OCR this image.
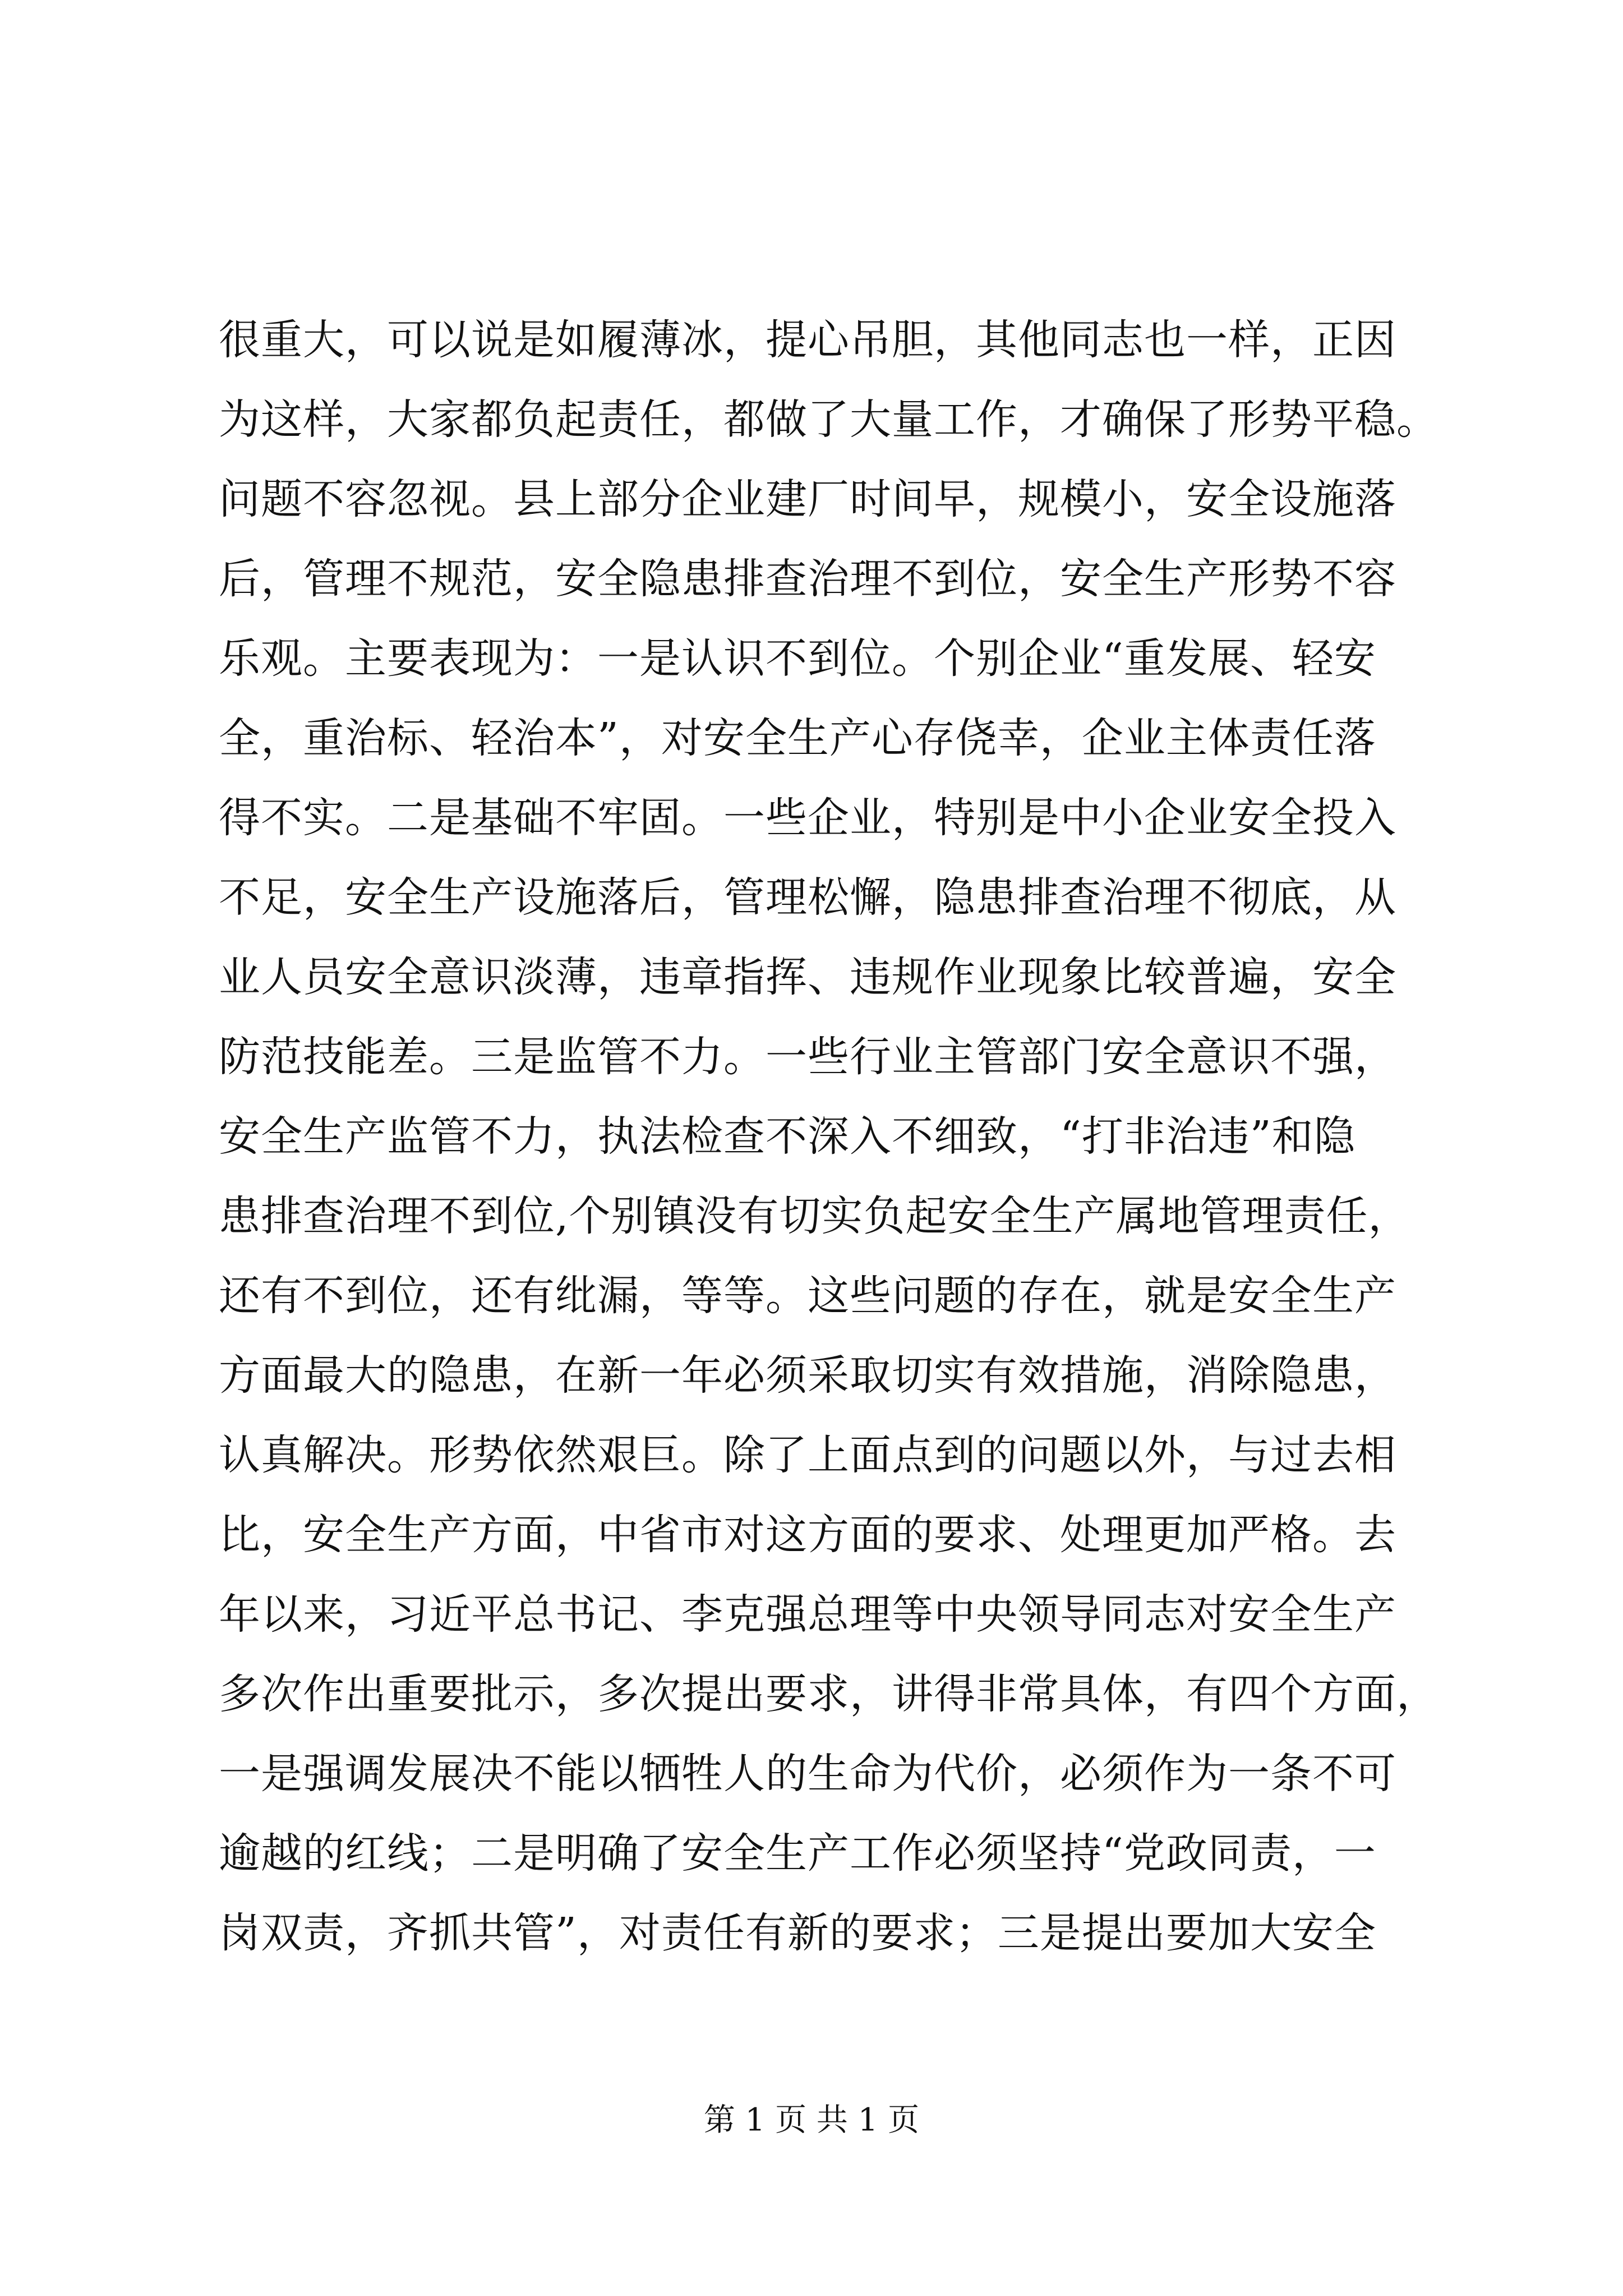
很重大，可以说是如履薄冰，提心吊胆，其他同志也一样，正因
为这样，大家都负起责任，都做了大量工作，才确保了形势平稳。
问题不容忽视。县上部分企业建厂时间早，规模小，安全设施落
后，管理不规范，安全隐患排查治理不到位，安全生产形势不容
乐观。主要表现为：一是认识不到位。个别企业“重发展、轻安
全，重治标、轻治本”，对安全生产心存侥幸，企业主体责任落
得不实。二是基础不牢固。一些企业，特别是中小企业安全投入
不足，安全生产设施落后，管理松懈，隐患排查治理不彻底，从
业人员安全意识淡薄，违章指挥、违规作业现象比较普遍，安全
防范技能差。三是监管不力。一些行业主管部门安全意识不强，
安全生产监管不力，执法检查不深入不细致，“打非治违”和隐
患排查治理不到位,个别镇没有切实负起安全生产属地管理责任，
还有不到位，还有纰漏，等等。这些问题的存在，就是安全生产
方面最大的隐患，在新一年必须采取切实有效措施，消除隐患，
认真解决。形势依然艰巨。除了上面点到的问题以外，与过去相
比，安全生产方面，中省市对这方面的要求、处理更加严格。去
年以来，习近平总书记、李克强总理等中央领导同志对安全生产
多次作出重要批示，多次提出要求，讲得非常具体，有四个方面，
一是强调发展决不能以牺牲人的生命为代价，必须作为一条不可
逾越的红线；二是明确了安全生产工作必须坚持“党政同责，一
岗双责，齐抓共管”，对责任有新的要求；三是提出要加大安全
第 1 页 共 1 页
